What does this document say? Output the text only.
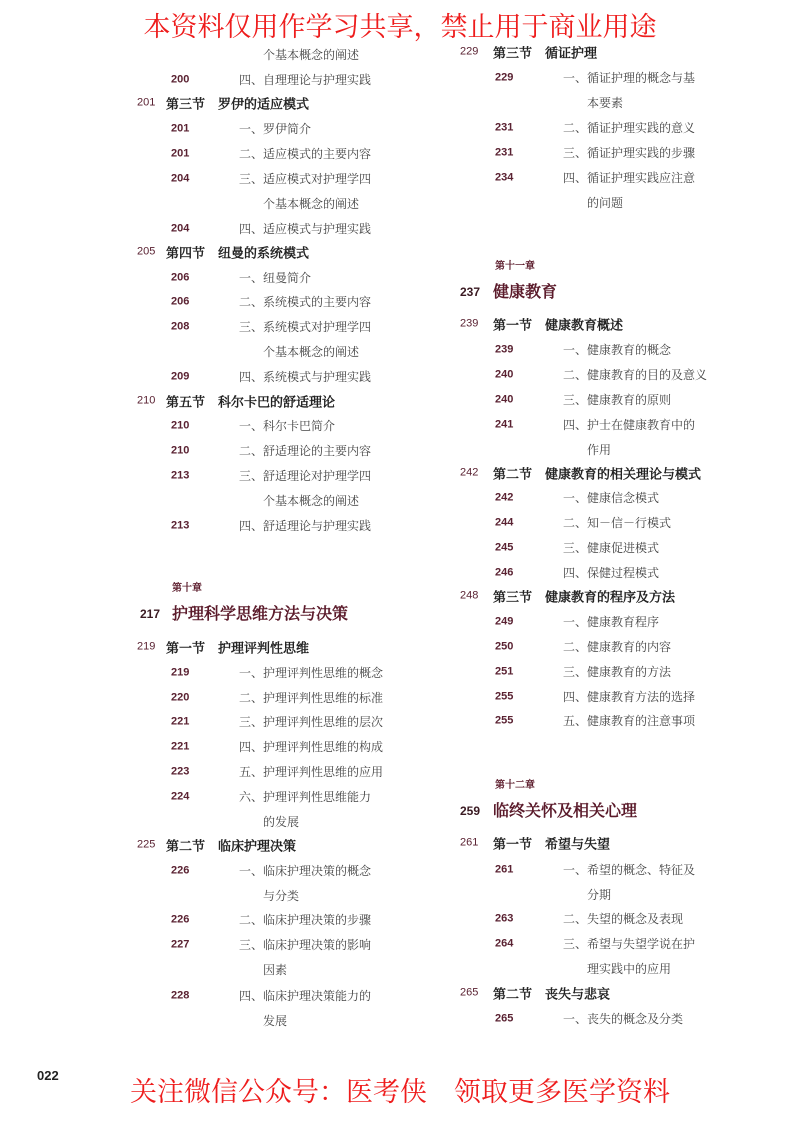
本资料仅用作学习共享，禁止用于商业用途
关注微信公众号：医考侠　领取更多医学资料
022
个基本概念的阐述
200	四、自理理论与护理实践
201 第三节 罗伊的适应模式
201	一、罗伊简介
201	二、适应模式的主要内容
204	三、适应模式对护理学四
个基本概念的阐述
204	四、适应模式与护理实践
205 第四节 纽曼的系统模式
206	一、纽曼简介
206	二、系统模式的主要内容
208	三、系统模式对护理学四
个基本概念的阐述
209	四、系统模式与护理实践
210 第五节 科尔卡巴的舒适理论
210	一、科尔卡巴简介
210	二、舒适理论的主要内容
213	三、舒适理论对护理学四
个基本概念的阐述
213	四、舒适理论与护理实践
第十章
217 护理科学思维方法与决策
219 第一节 护理评判性思维
219	一、护理评判性思维的概念
220	二、护理评判性思维的标准
221	三、护理评判性思维的层次
221	四、护理评判性思维的构成
223	五、护理评判性思维的应用
224	六、护理评判性思维能力
的发展
225 第二节 临床护理决策
226	一、临床护理决策的概念
与分类
226	二、临床护理决策的步骤
227	三、临床护理决策的影响
因素
228	四、临床护理决策能力的
发展
229 第三节 循证护理
229	一、循证护理的概念与基
本要素
231	二、循证护理实践的意义
231	三、循证护理实践的步骤
234	四、循证护理实践应注意
的问题
第十一章
237 健康教育
239 第一节 健康教育概述
239	一、健康教育的概念
240	二、健康教育的目的及意义
240	三、健康教育的原则
241	四、护士在健康教育中的
作用
242 第二节 健康教育的相关理论与模式
242	一、健康信念模式
244	二、知－信－行模式
245	三、健康促进模式
246	四、保健过程模式
248 第三节 健康教育的程序及方法
249	一、健康教育程序
250	二、健康教育的内容
251	三、健康教育的方法
255	四、健康教育方法的选择
255	五、健康教育的注意事项
第十二章
259 临终关怀及相关心理
261 第一节 希望与失望
261	一、希望的概念、特征及
分期
263	二、失望的概念及表现
264	三、希望与失望学说在护
理实践中的应用
265 第二节 丧失与悲哀
265	一、丧失的概念及分类
